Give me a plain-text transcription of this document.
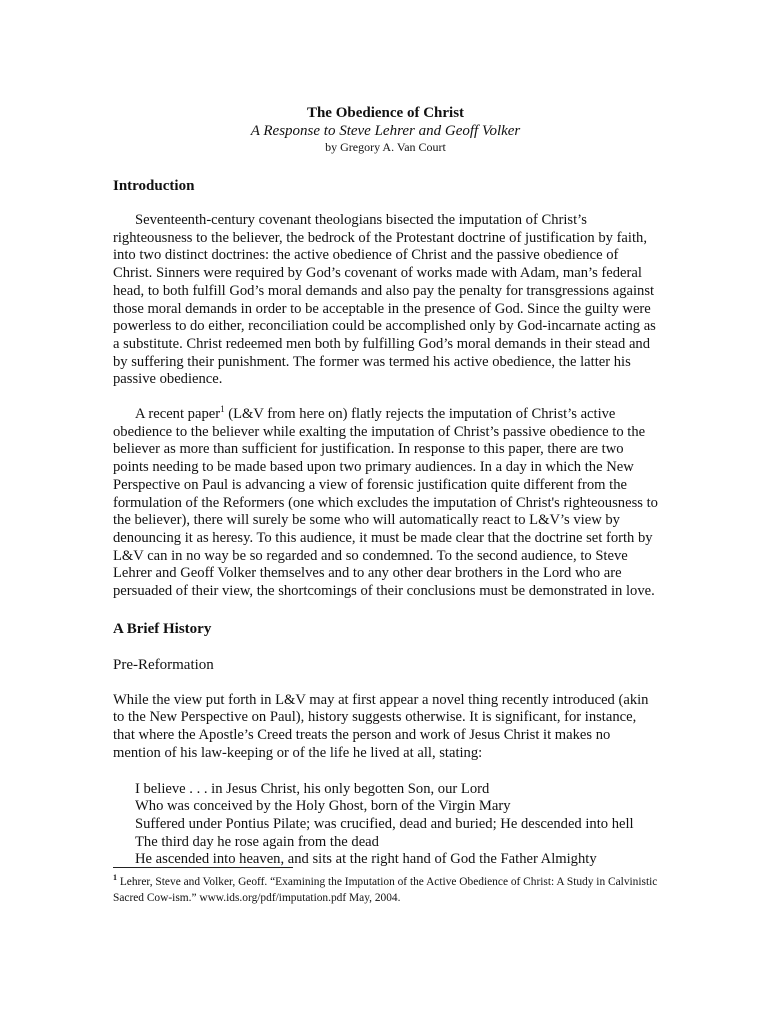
The Obedience of Christ
A Response to Steve Lehrer and Geoff Volker
by Gregory A. Van Court
Introduction

Seventeenth-century covenant theologians bisected the imputation of Christ’s righteousness to the believer, the bedrock of the Protestant doctrine of justification by faith, into two distinct doctrines: the active obedience of Christ and the passive obedience of Christ. Sinners were required by God’s covenant of works made with Adam, man’s federal head, to both fulfill God’s moral demands and also pay the penalty for transgressions against those moral demands in order to be acceptable in the presence of God. Since the guilty were powerless to do either, reconciliation could be accomplished only by God-incarnate acting as a substitute. Christ redeemed men both by fulfilling God’s moral demands in their stead and by suffering their punishment. The former was termed his active obedience, the latter his passive obedience.

A recent paper$^1$ (L&V from here on) flatly rejects the imputation of Christ’s active obedience to the believer while exalting the imputation of Christ’s passive obedience to the believer as more than sufficient for justification. In response to this paper, there are two points needing to be made based upon two primary audiences. In a day in which the New Perspective on Paul is advancing a view of forensic justification quite different from the formulation of the Reformers (one which excludes the imputation of Christ's righteousness to the believer), there will surely be some who will automatically react to L&V’s view by denouncing it as heresy. To this audience, it must be made clear that the doctrine set forth by L&V can in no way be so regarded and so condemned. To the second audience, to Steve Lehrer and Geoff Volker themselves and to any other dear brothers in the Lord who are persuaded of their view, the shortcomings of their conclusions must be demonstrated in love.

A Brief History
Pre-Reformation

While the view put forth in L&V may at first appear a novel thing recently introduced (akin to the New Perspective on Paul), history suggests otherwise. It is significant, for instance, that where the Apostle’s Creed treats the person and work of Jesus Christ it makes no mention of his law-keeping or of the life he lived at all, stating:

I believe . . . in Jesus Christ, his only begotten Son, our Lord
Who was conceived by the Holy Ghost, born of the Virgin Mary
Suffered under Pontius Pilate; was crucified, dead and buried; He descended into hell
The third day he rose again from the dead
He ascended into heaven, and sits at the right hand of God the Father Almighty
$^1$ Lehrer, Steve and Volker, Geoff. “Examining the Imputation of the Active Obedience of Christ: A Study in Calvinistic Sacred Cow-ism.” www.ids.org/pdf/imputation.pdf May, 2004.
